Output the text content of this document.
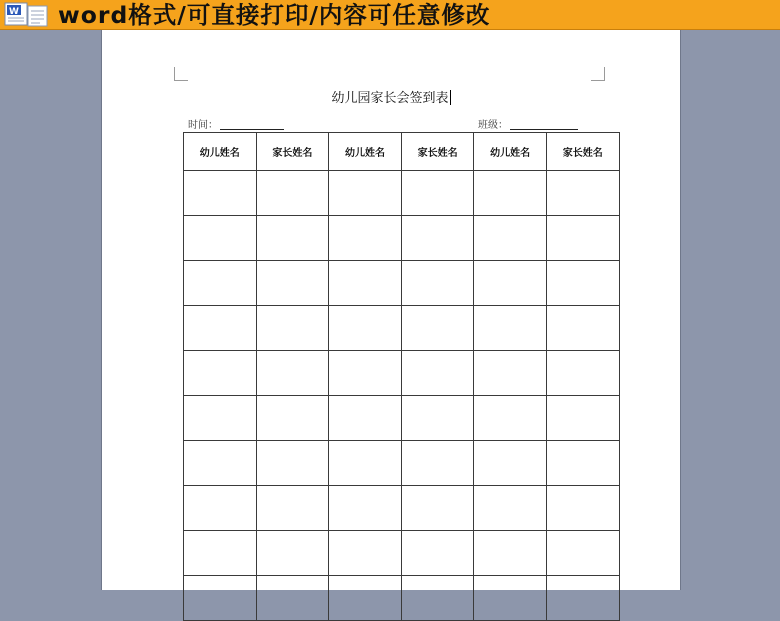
W word格式/可直接打印/内容可任意修改
幼儿园家长会签到表
时间：	班级：
幼儿姓名	家长姓名	幼儿姓名	家长姓名	幼儿姓名	家长姓名
